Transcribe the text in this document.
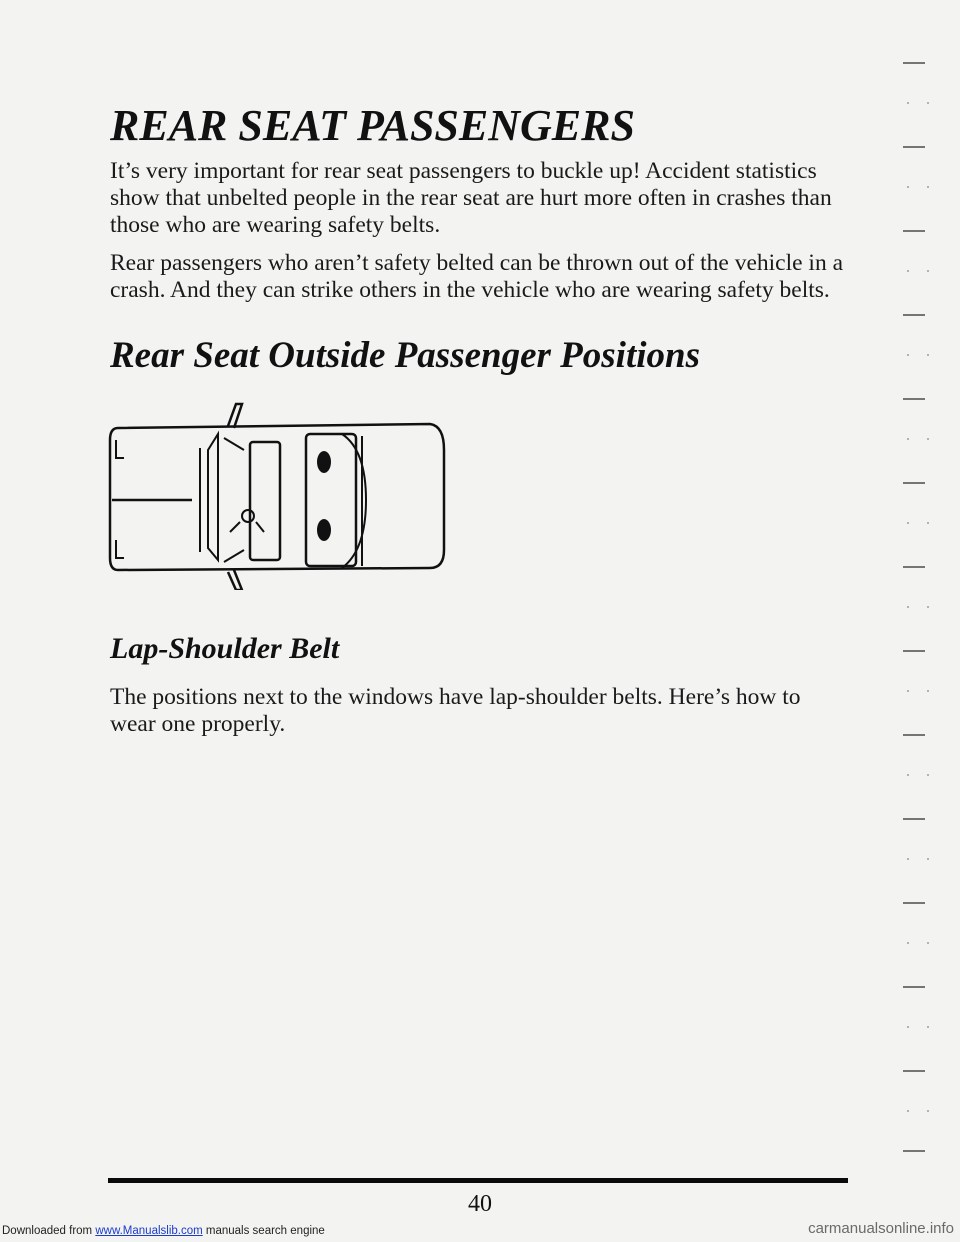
REAR SEAT PASSENGERS

It’s very important for rear seat passengers to buckle up! Accident statistics show that unbelted people in the rear seat are hurt more often in crashes than those who are wearing safety belts.

Rear passengers who aren’t safety belted can be thrown out of the vehicle in a crash. And they can strike others in the vehicle who are wearing safety belts.

Rear Seat Outside Passenger Positions
Lap-Shoulder Belt

The positions next to the windows have lap-shoulder belts. Here’s how to wear one properly.

40
Downloaded from www.Manualslib.com manuals search engine	carmanualsonline.info
